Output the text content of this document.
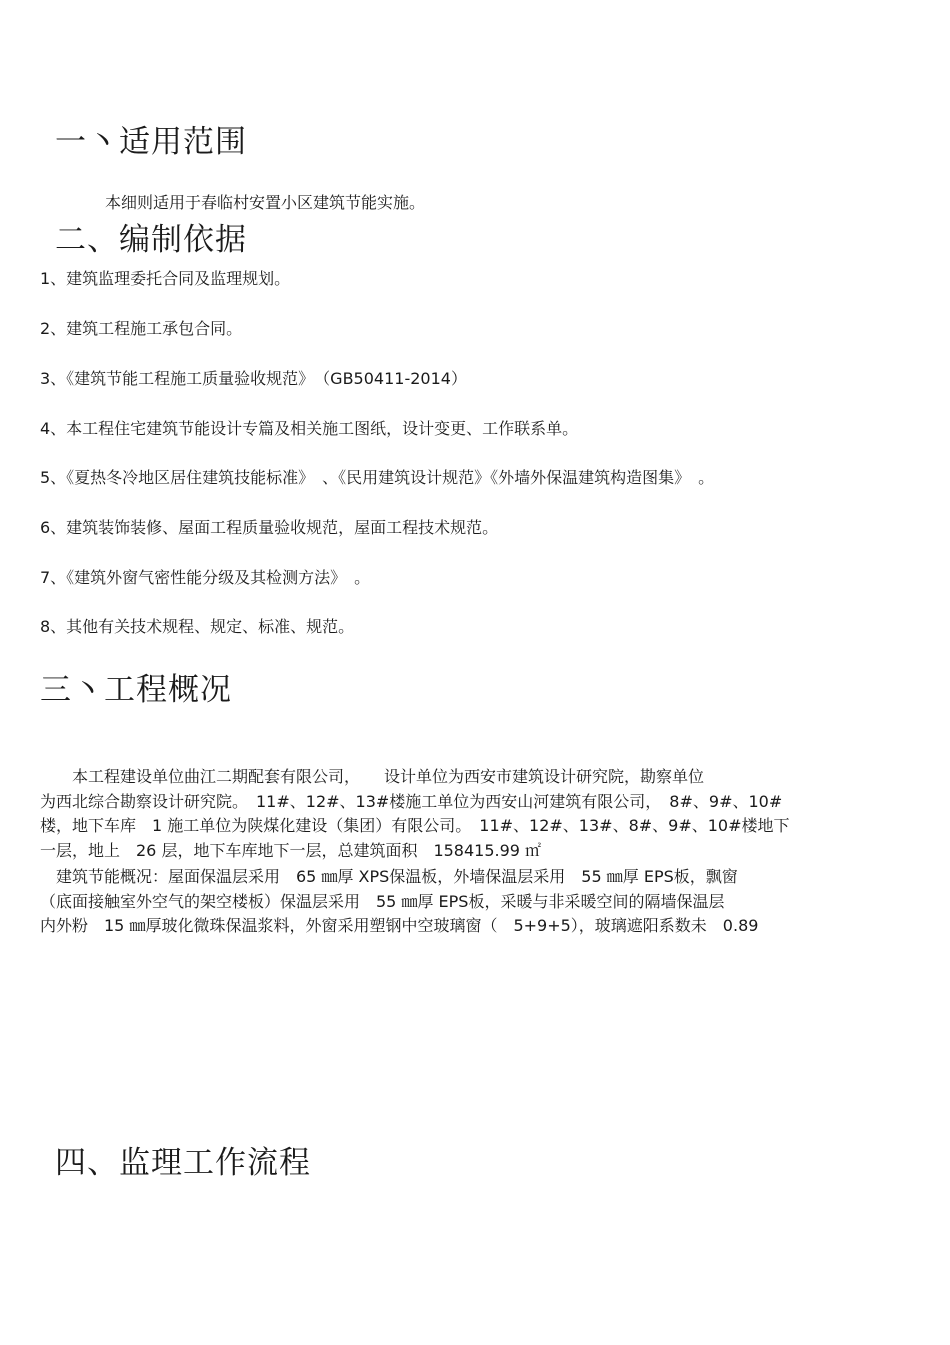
一丶适用范围

本细则适用于春临村安置小区建筑节能实施。

二、编制依据

1、建筑监理委托合同及监理规划。

2、建筑工程施工承包合同。

3、《建筑节能工程施工质量验收规范》　（GB50411-2014）

4、本工程住宅建筑节能设计专篇及相关施工图纸，设计变更、工作联系单。

5、《夏热冬冷地区居住建筑技能标准》　、《民用建筑设计规范》《外墙外保温建筑构造图集》　。

6、建筑装饰装修、屋面工程质量验收规范，屋面工程技术规范。

7、《建筑外窗气密性能分级及其检测方法》　。

8、其他有关技术规程、规定、标准、规范。

三丶工程概况
　　本工程建设单位曲江二期配套有限公司，　　设计单位为西安市建筑设计研究院，勘察单位
为西北综合勘察设计研究院。　11#、12#、13#楼施工单位为西安山河建筑有限公司，　8#、9#、10#
楼，地下车库　1 施工单位为陕煤化建设（集团）有限公司。　11#、12#、13#、8#、9#、10#楼地下
一层，地上　26 层，地下车库地下一层，总建筑面积　158415.99 ㎡
　建筑节能概况：屋面保温层采用　65 ㎜厚 XPS保温板，外墙保温层采用　55 ㎜厚 EPS板，飘窗
（底面接触室外空气的架空楼板）保温层采用　55 ㎜厚 EPS板，采暖与非采暖空间的隔墙保温层
内外粉　15 ㎜厚玻化微珠保温浆料，外窗采用塑钢中空玻璃窗（　5+9+5），玻璃遮阳系数未　0.89
四、监理工作流程
